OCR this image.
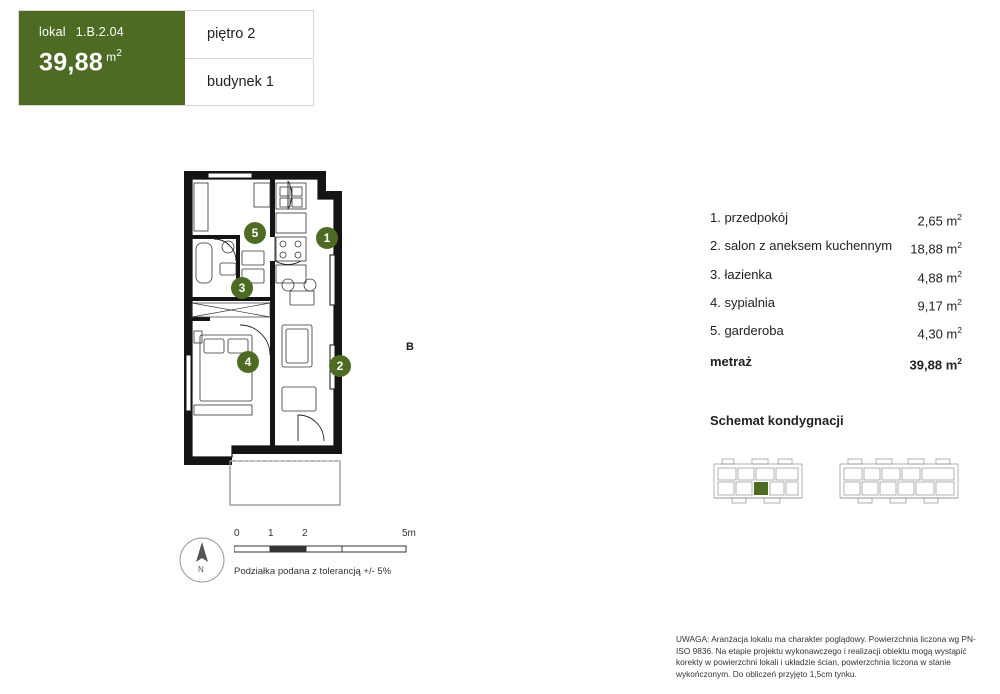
lokal 1.B.2.04
39,88 $^{m^2}$
piętro 2
budynek 1
1
2
3
4
5
B
N
0	1	2	5m
Podziałka podana z tolerancją +/- 5%
1. przedpokój	2,65 $m^2$
2. salon z aneksem kuchennym 18,88 $m^2$
3. łazienka	4,88 $m^2$
4. sypialnia	9,17 $m^2$
5. garderoba	4,30 $m^2$
metraż	39,88 $m^2$
Schemat kondygnacji
UWAGA: Aranżacja lokalu ma charakter poglądowy. Powierzchnia liczona wg PN-ISO 9836. Na etapie projektu wykonawczego i realizacji obiektu mogą wystąpić korekty w powierzchni lokali i układzie ścian, powierzchnia liczona w stanie wykończonym. Do obliczeń przyjęto 1,5cm tynku.
